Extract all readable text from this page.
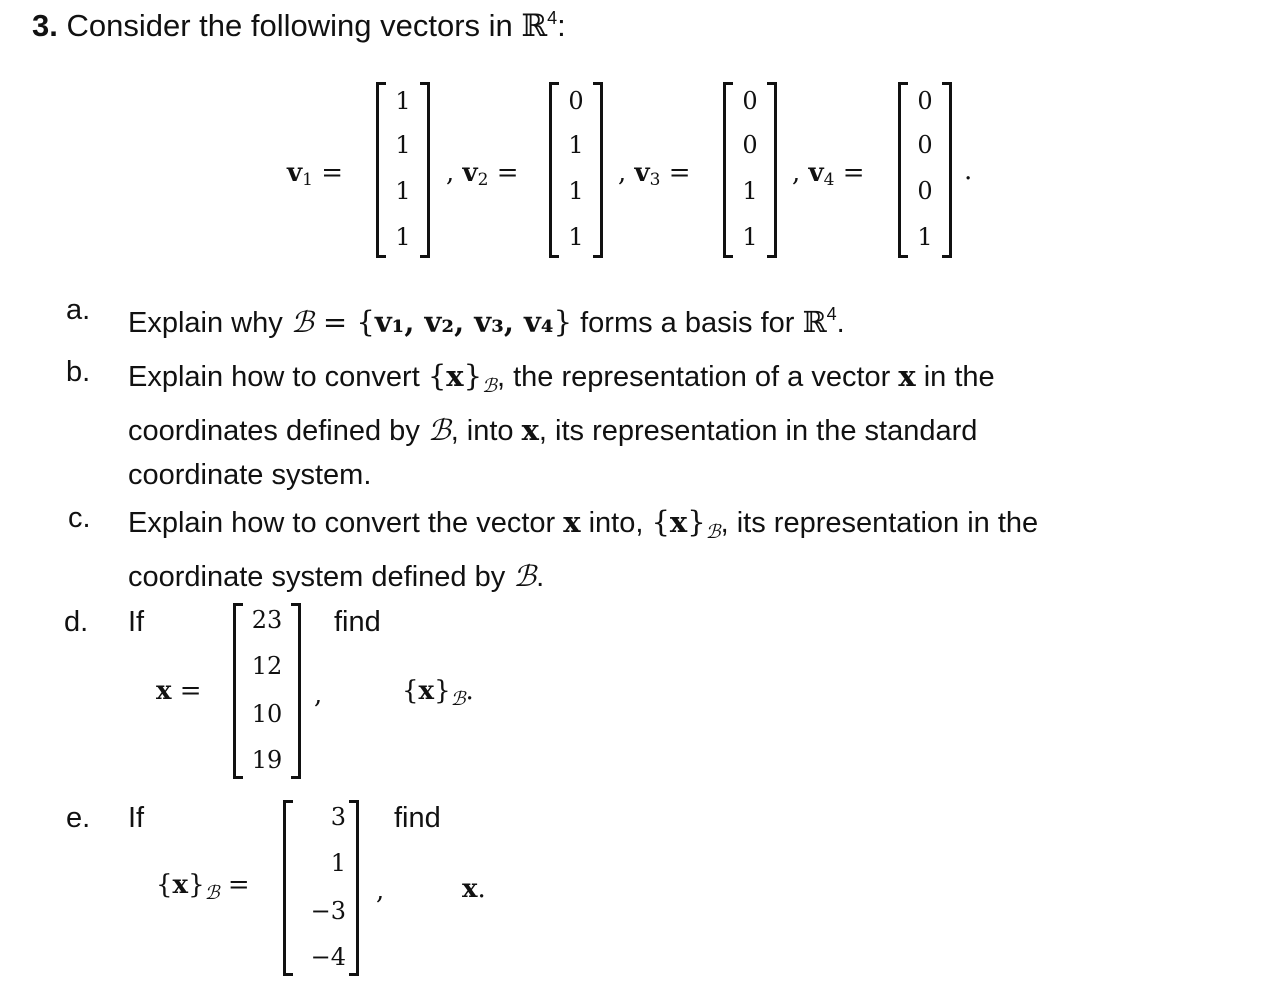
3. Consider the following vectors in ℝ$^4$:
$v_1$ =
1
1
1
1
, $v_2$ =
0
1
1
1
, $v_3$ =
0
0
1
1
, $v_4$ =
0
0
0
1
.
a. Explain why ℬ = {v₁, v₂, v₃, v₄} forms a basis for ℝ$^4$.
b. Explain how to convert $\{x\}_ℬ$, the representation of a vector x in the
coordinates defined by ℬ, into x, its representation in the standard
coordinate system.
c. Explain how to convert the vector x into, $\{x\}_ℬ$, its representation in the
coordinate system defined by ℬ.
d. If
x =
23
12
10
19
,
find
$\{x\}_ℬ$.
e. If
$\{x\}_ℬ$ =
3
1
−3
−4
,
find
x.
